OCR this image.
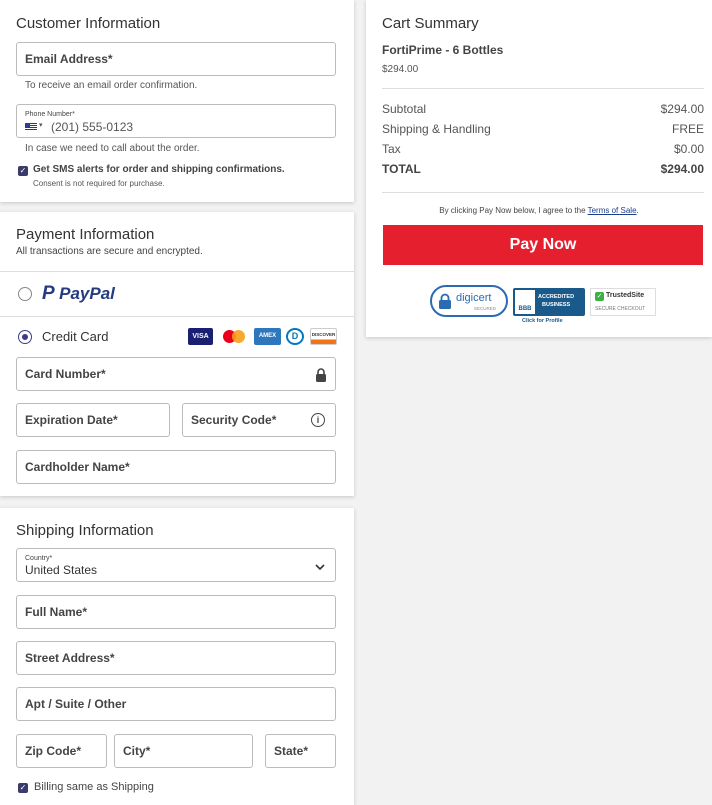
Customer Information
Email Address*
To receive an email order confirmation.
Phone Number*
▾ (201) 555-0123
In case we need to call about the order.
✓ Get SMS alerts for order and shipping confirmations.
Consent is not required for purchase.
Payment Information
All transactions are secure and encrypted.
P PayPal
Credit Card	VISA	AMEX	D	DISCOVER
Card Number*
Expiration Date*	Security Code*	i
Cardholder Name*
Shipping Information
Country*
United States
Full Name*
Street Address*
Apt / Suite / Other
Zip Code*	City*	State*
✓ Billing same as Shipping
Cart Summary
FortiPrime - 6 Bottles
$294.00
Subtotal	$294.00
Shipping & Handling	FREE
Tax	$0.00
TOTAL	$294.00
By clicking Pay Now below, I agree to the Terms of Sale.
Pay Now
digicert
SECURED	BBB
ACCREDITED
BUSINESS
Click for Profile
✓ TrustedSite
SECURE CHECKOUT
